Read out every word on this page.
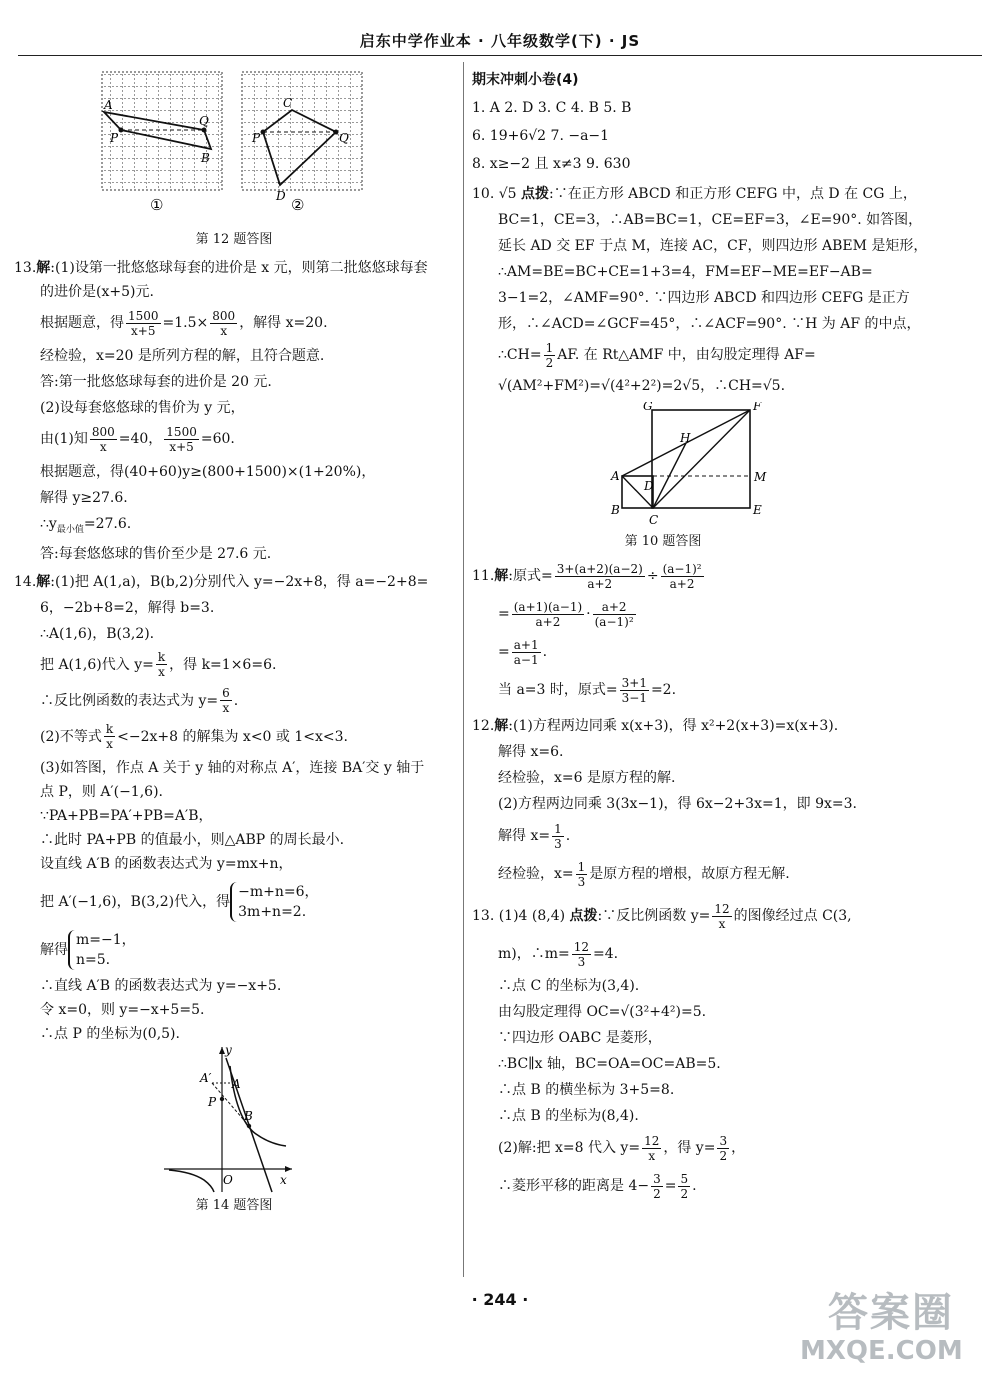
启东中学作业本 · 八年级数学(下) · JS
A
Q
P
B
C
P	Q
D
①	②
第 12 题答图
13.解:(1)设第一批悠悠球每套的进价是 x 元，则第二批悠悠球每套
的进价是(x+5)元.
根据题意，得 $\frac{1500}{x+5} =1.5\times \frac{800}{x}$ ，解得 x=20.
经检验，x=20 是所列方程的解，且符合题意.
答:第一批悠悠球每套的进价是 20 元.
(2)设每套悠悠球的售价为 y 元，
由(1)知 $\frac{800}{x} =40$， $\frac{1500}{x+5} =60$.
根据题意，得(40+60)y≥(800+1500)×(1+20%)，
解得 y≥27.6.
$\therefore y_{最小值}=27.6$.
答:每套悠悠球的售价至少是 27.6 元.
14.解:(1)把 A(1,a)，B(b,2)分别代入 y=−2x+8，得 a=−2+8=
6，−2b+8=2，解得 b=3.
∴A(1,6)，B(3,2).
把 A(1,6)代入 $y= \frac{k}{x}$ ，得 k=1×6=6.
∴反比例函数的表达式为 $y= \frac{6}{x}$ .
(2)不等式 $\frac{k}{x} <-2x+8$ 的解集为 x<0 或 1<x<3.
(3)如答图，作点 A 关于 y 轴的对称点 A′，连接 BA′交 y 轴于
点 P，则 A′(−1,6).
∵PA+PB=PA′+PB=A′B，
∴此时 PA+PB 的值最小，则△ABP 的周长最小.
设直线 A′B 的函数表达式为 y=mx+n，
把 A′(−1,6)，B(3,2)代入，得
−m+n=6，
3m+n=2.
解得
m=−1，
n=5.
∴直线 A′B 的函数表达式为 y=−x+5.
令 x=0，则 y=−x+5=5.
∴点 P 的坐标为(0,5).
y
A′ A
P
B
O	x
第 14 题答图
期末冲刺小卷(4)
1. A 2. D 3. C 4. B 5. B
6. 19+6√2 7. −a−1
8. x≥−2 且 x≠3 9. 630
10. √5 点拨:∵在正方形 ABCD 和正方形 CEFG 中，点 D 在 CG 上，
BC=1，CE=3，∴AB=BC=1，CE=EF=3，∠E=90°. 如答图，
延长 AD 交 EF 于点 M，连接 AC，CF，则四边形 ABEM 是矩形，
∴AM=BE=BC+CE=1+3=4，FM=EF−ME=EF−AB=
3−1=2，∠AMF=90°. ∵四边形 ABCD 和四边形 CEFG 是正方
形，∴∠ACD=∠GCF=45°，∴∠ACF=90°. ∵H 为 AF 的中点，
∴CH= $\frac{1}{2}$ AF. 在 Rt△AMF 中，由勾股定理得 AF=
√(AM²+FM²)=√(4²+2²)=2√5，∴CH=√5.
G	F
H
A
D
M
B
C
E
第 10 题答图
11.解:原式= $\frac{3+(a+2)(a-2)}{a+2} \div \frac{\text{(a−1)²}}{a+2}$
= $\frac{(a+1)(a-1)}{a+2} \cdot \frac{a+2}{\text{(a−1)²}}$
= $\frac{a+1}{a-1}$ .
当 a=3 时，原式= $\frac{3+1}{3-1} =2$.
12.解:(1)方程两边同乘 x(x+3)，得 x²+2(x+3)=x(x+3).
解得 x=6.
经检验，x=6 是原方程的解.
(2)方程两边同乘 3(3x−1)，得 6x−2+3x=1，即 9x=3.
解得 $x= \frac{1}{3}$ .
经检验，$x= \frac{1}{3}$ 是原方程的增根，故原方程无解.
13. (1)4 (8,4) 点拨:∵反比例函数 $y= \frac{12}{x}$ 的图像经过点 C(3,
m)，∴m= $\frac{12}{3} =4$.
∴点 C 的坐标为(3,4).
由勾股定理得 OC=√(3²+4²)=5.
∵四边形 OABC 是菱形，
∴BC∥x 轴，BC=OA=OC=AB=5.
∴点 B 的横坐标为 3+5=8.
∴点 B 的坐标为(8,4).
(2)解:把 x=8 代入 $y= \frac{12}{x}$ ，得 $y= \frac{3}{2}$ ，
∴菱形平移的距离是 $4- \frac{3}{2} = \frac{5}{2}$ .
· 244 ·	答案圈
MXQE.COM
